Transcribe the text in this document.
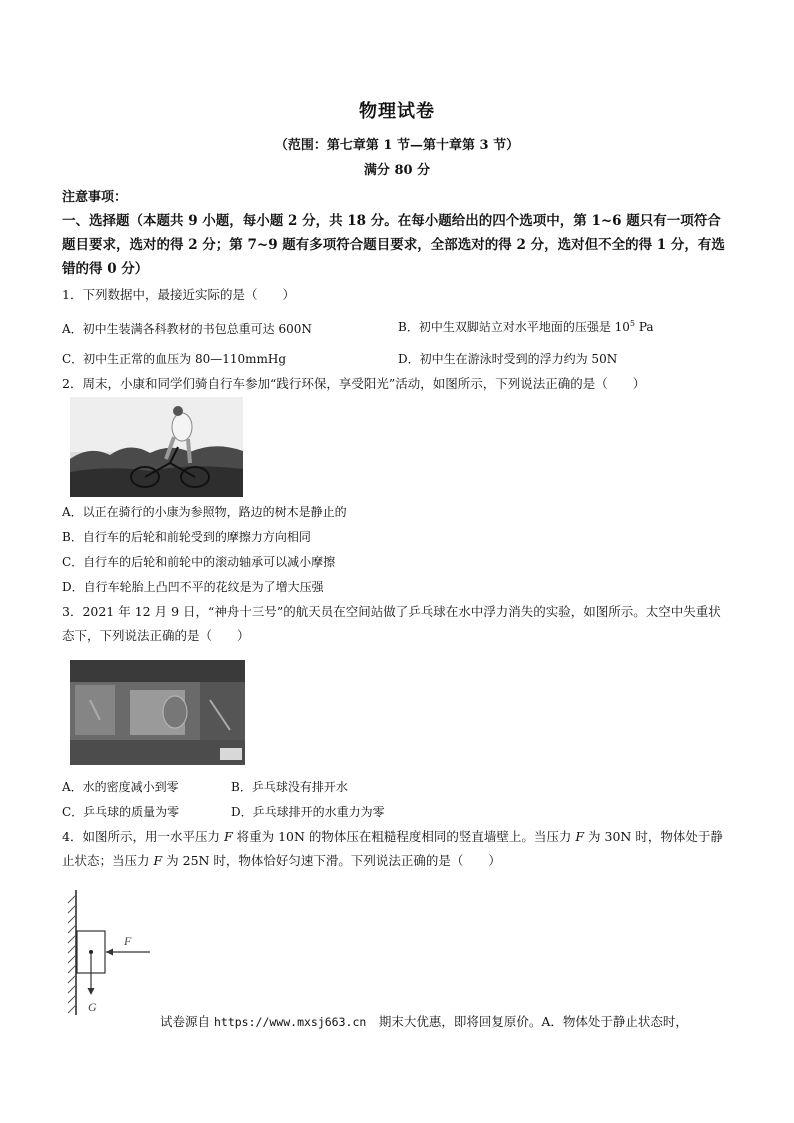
物理试卷
（范围：第七章第 1 节—第十章第 3 节）
满分 80 分
注意事项：
一、选择题（本题共 9 小题，每小题 2 分，共 18 分。在每小题给出的四个选项中，第 1~6 题只有一项符合题目要求，选对的得 2 分；第 7~9 题有多项符合题目要求，全部选对的得 2 分，选对但不全的得 1 分，有选错的得 0 分）
1．下列数据中，最接近实际的是（　　）
A．初中生装满各科教材的书包总重可达 600N	B．初中生双脚站立对水平地面的压强是 $10^5$ Pa
C．初中生正常的血压为 80—110mmHg	D．初中生在游泳时受到的浮力约为 50N
2．周末，小康和同学们骑自行车参加“践行环保，享受阳光”活动，如图所示，下列说法正确的是（　　）
A．以正在骑行的小康为参照物，路边的树木是静止的
B．自行车的后轮和前轮受到的摩擦力方向相同
C．自行车的后轮和前轮中的滚动轴承可以减小摩擦
D．自行车轮胎上凸凹不平的花纹是为了增大压强
3．2021 年 12 月 9 日，“神舟十三号”的航天员在空间站做了乒乓球在水中浮力消失的实验，如图所示。太空中失重状态下，下列说法正确的是（　　）
A．水的密度减小到零	B．乒乓球没有排开水
C．乒乓球的质量为零	D．乒乓球排开的水重力为零
4．如图所示，用一水平压力 F 将重为 10N 的物体压在粗糙程度相同的竖直墙壁上。当压力 F 为 30N 时，物体处于静止状态；当压力 F 为 25N 时，物体恰好匀速下滑。下列说法正确的是（　　）
F
G
试卷源自 https://www.mxsj663.cn　期末大优惠，即将回复原价。A．物体处于静止状态时，
